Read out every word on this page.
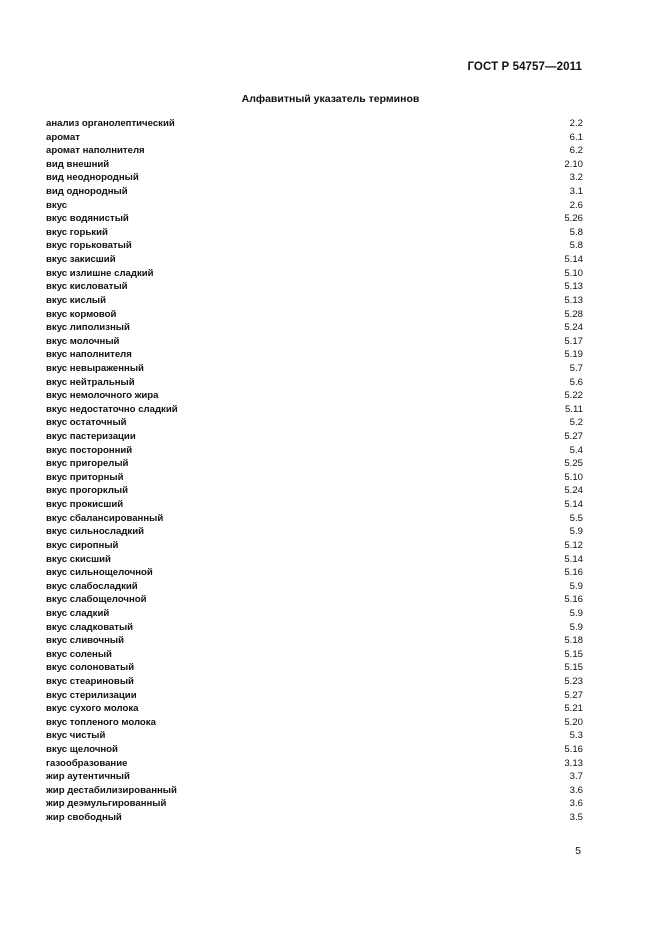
ГОСТ Р 54757—2011
Алфавитный указатель терминов
анализ органолептический	2.2
аромат	6.1
аромат наполнителя	6.2
вид внешний	2.10
вид неоднородный	3.2
вид однородный	3.1
вкус	2.6
вкус водянистый	5.26
вкус горький	5.8
вкус горьковатый	5.8
вкус закисший	5.14
вкус излишне сладкий	5.10
вкус кисловатый	5.13
вкус кислый	5.13
вкус кормовой	5.28
вкус липолизный	5.24
вкус молочный	5.17
вкус наполнителя	5.19
вкус невыраженный	5.7
вкус нейтральный	5.6
вкус немолочного жира	5.22
вкус недостаточно сладкий	5.11
вкус остаточный	5.2
вкус пастеризации	5.27
вкус посторонний	5.4
вкус пригорелый	5.25
вкус приторный	5.10
вкус прогорклый	5.24
вкус прокисший	5.14
вкус сбалансированный	5.5
вкус сильносладкий	5.9
вкус сиропный	5.12
вкус скисший	5.14
вкус сильнощелочной	5.16
вкус слабосладкий	5.9
вкус слабощелочной	5.16
вкус сладкий	5.9
вкус сладковатый	5.9
вкус сливочный	5.18
вкус соленый	5.15
вкус солоноватый	5.15
вкус стеариновый	5.23
вкус стерилизации	5.27
вкус сухого молока	5.21
вкус топленого молока	5.20
вкус чистый	5.3
вкус щелочной	5.16
газообразование	3.13
жир аутентичный	3.7
жир дестабилизированный	3.6
жир деэмульгированный	3.6
жир свободный	3.5
5
